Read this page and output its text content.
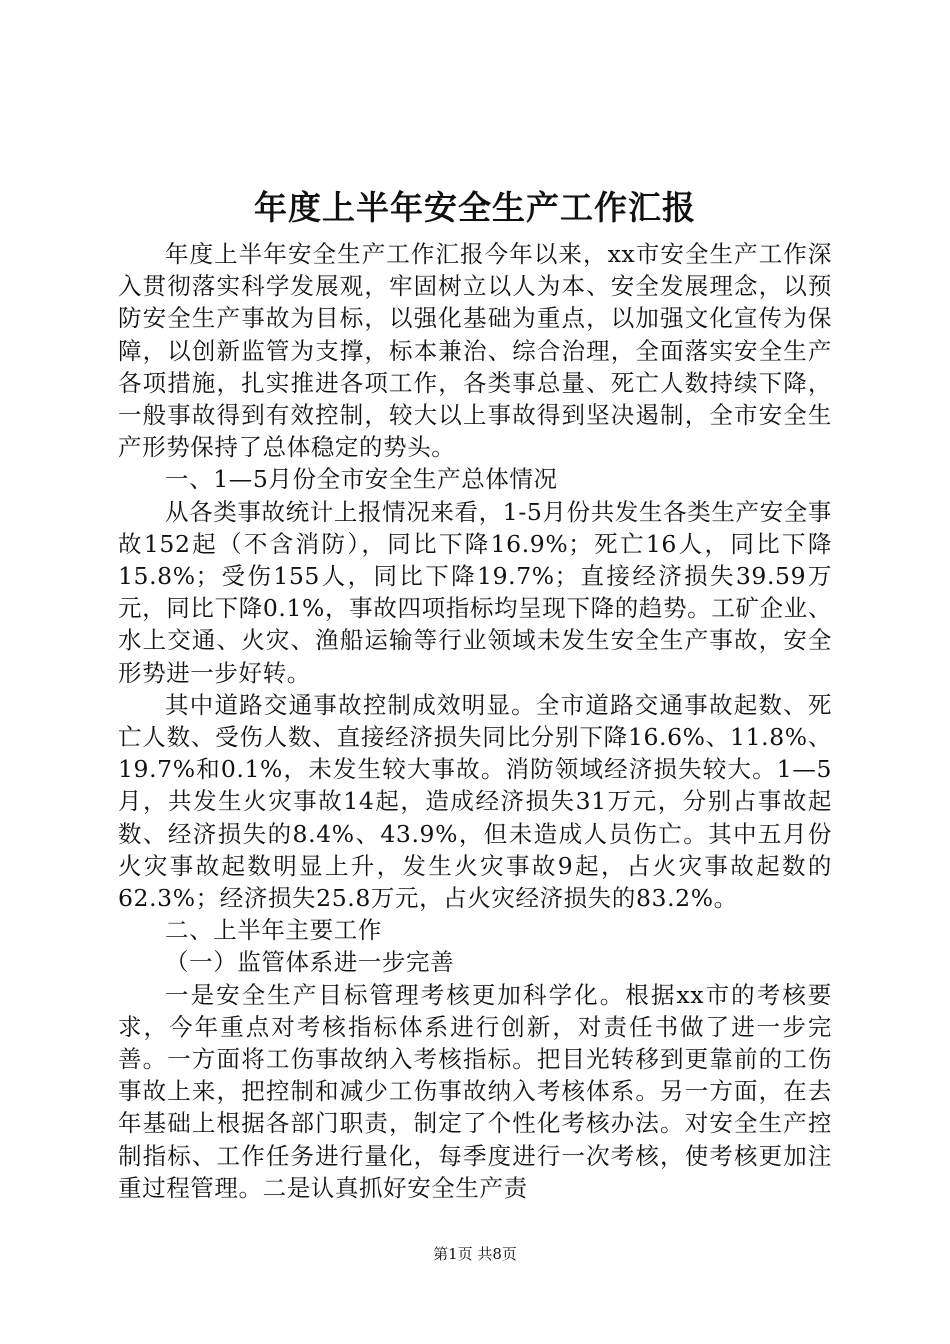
年度上半年安全生产工作汇报

年度上半年安全生产工作汇报今年以来，xx市安全生产工作深入贯彻落实科学发展观，牢固树立以人为本、安全发展理念，以预防安全生产事故为目标，以强化基础为重点，以加强文化宣传为保障，以创新监管为支撑，标本兼治、综合治理，全面落实安全生产各项措施，扎实推进各项工作，各类事总量、死亡人数持续下降，一般事故得到有效控制，较大以上事故得到坚决遏制，全市安全生产形势保持了总体稳定的势头。

一、1—5月份全市安全生产总体情况

从各类事故统计上报情况来看，1-5月份共发生各类生产安全事故152起（不含消防），同比下降16.9%；死亡16人，同比下降15.8%；受伤155人，同比下降19.7%；直接经济损失39.59万元，同比下降0.1%，事故四项指标均呈现下降的趋势。工矿企业、水上交通、火灾、渔船运输等行业领域未发生安全生产事故，安全形势进一步好转。

其中道路交通事故控制成效明显。全市道路交通事故起数、死亡人数、受伤人数、直接经济损失同比分别下降16.6%、11.8%、19.7%和0.1%，未发生较大事故。消防领域经济损失较大。1—5月，共发生火灾事故14起，造成经济损失31万元，分别占事故起数、经济损失的8.4%、43.9%，但未造成人员伤亡。其中五月份火灾事故起数明显上升，发生火灾事故9起，占火灾事故起数的62.3%；经济损失25.8万元，占火灾经济损失的83.2%。

二、上半年主要工作

（一）监管体系进一步完善

一是安全生产目标管理考核更加科学化。根据xx市的考核要求，今年重点对考核指标体系进行创新，对责任书做了进一步完善。一方面将工伤事故纳入考核指标。把目光转移到更靠前的工伤事故上来，把控制和减少工伤事故纳入考核体系。另一方面，在去年基础上根据各部门职责，制定了个性化考核办法。对安全生产控制指标、工作任务进行量化，每季度进行一次考核，使考核更加注重过程管理。二是认真抓好安全生产责

第1页 共8页
